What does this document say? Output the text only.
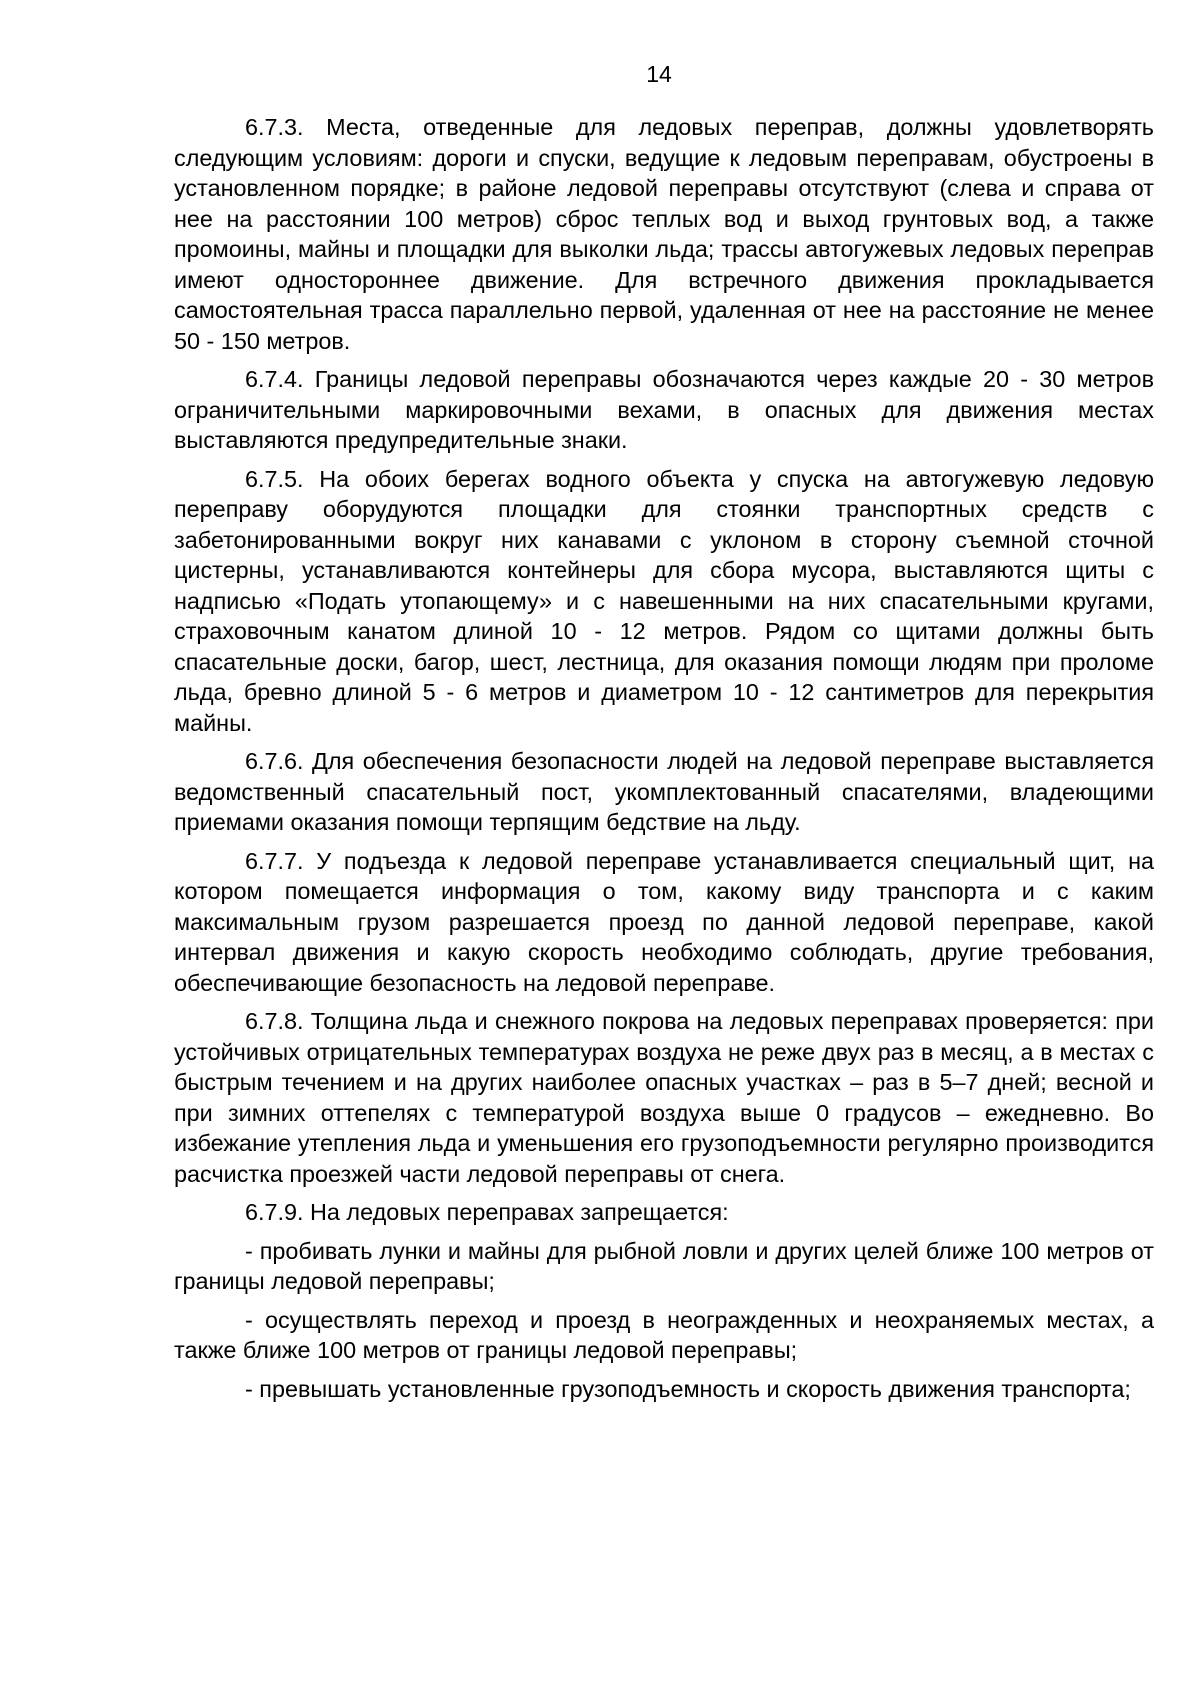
14

6.7.3. Места, отведенные для ледовых переправ, должны удовлетворять следующим условиям: дороги и спуски, ведущие к ледовым переправам, обустроены в установленном порядке; в районе ледовой переправы отсутствуют (слева и справа от нее на расстоянии 100 метров) сброс теплых вод и выход грунтовых вод, а также промоины, майны и площадки для выколки льда; трассы автогужевых ледовых переправ имеют одностороннее движение. Для встречного движения прокладывается самостоятельная трасса параллельно первой, удаленная от нее на расстояние не менее 50 - 150 метров.

6.7.4. Границы ледовой переправы обозначаются через каждые 20 - 30 метров ограничительными маркировочными вехами, в опасных для движения местах выставляются предупредительные знаки.

6.7.5. На обоих берегах водного объекта у спуска на автогужевую ледовую переправу оборудуются площадки для стоянки транспортных средств с забетонированными вокруг них канавами с уклоном в сторону съемной сточной цистерны, устанавливаются контейнеры для сбора мусора, выставляются щиты с надписью «Подать утопающему» и с навешенными на них спасательными кругами, страховочным канатом длиной 10 - 12 метров. Рядом со щитами должны быть спасательные доски, багор, шест, лестница, для оказания помощи людям при проломе льда, бревно длиной 5 - 6 метров и диаметром 10 - 12 сантиметров для перекрытия майны.

6.7.6. Для обеспечения безопасности людей на ледовой переправе выставляется ведомственный спасательный пост, укомплектованный спасателями, владеющими приемами оказания помощи терпящим бедствие на льду.

6.7.7. У подъезда к ледовой переправе устанавливается специальный щит, на котором помещается информация о том, какому виду транспорта и с каким максимальным грузом разрешается проезд по данной ледовой переправе, какой интервал движения и какую скорость необходимо соблюдать, другие требования, обеспечивающие безопасность на ледовой переправе.

6.7.8. Толщина льда и снежного покрова на ледовых переправах проверяется: при устойчивых отрицательных температурах воздуха не реже двух раз в месяц, а в местах с быстрым течением и на других наиболее опасных участках – раз в 5–7 дней; весной и при зимних оттепелях с температурой воздуха выше 0 градусов – ежедневно. Во избежание утепления льда и уменьшения его грузоподъемности регулярно производится расчистка проезжей части ледовой переправы от снега.

6.7.9. На ледовых переправах запрещается:

- пробивать лунки и майны для рыбной ловли и других целей ближе 100 метров от границы ледовой переправы;

- осуществлять переход и проезд в неогражденных и неохраняемых местах, а также ближе 100 метров от границы ледовой переправы;

- превышать установленные грузоподъемность и скорость движения транспорта;
